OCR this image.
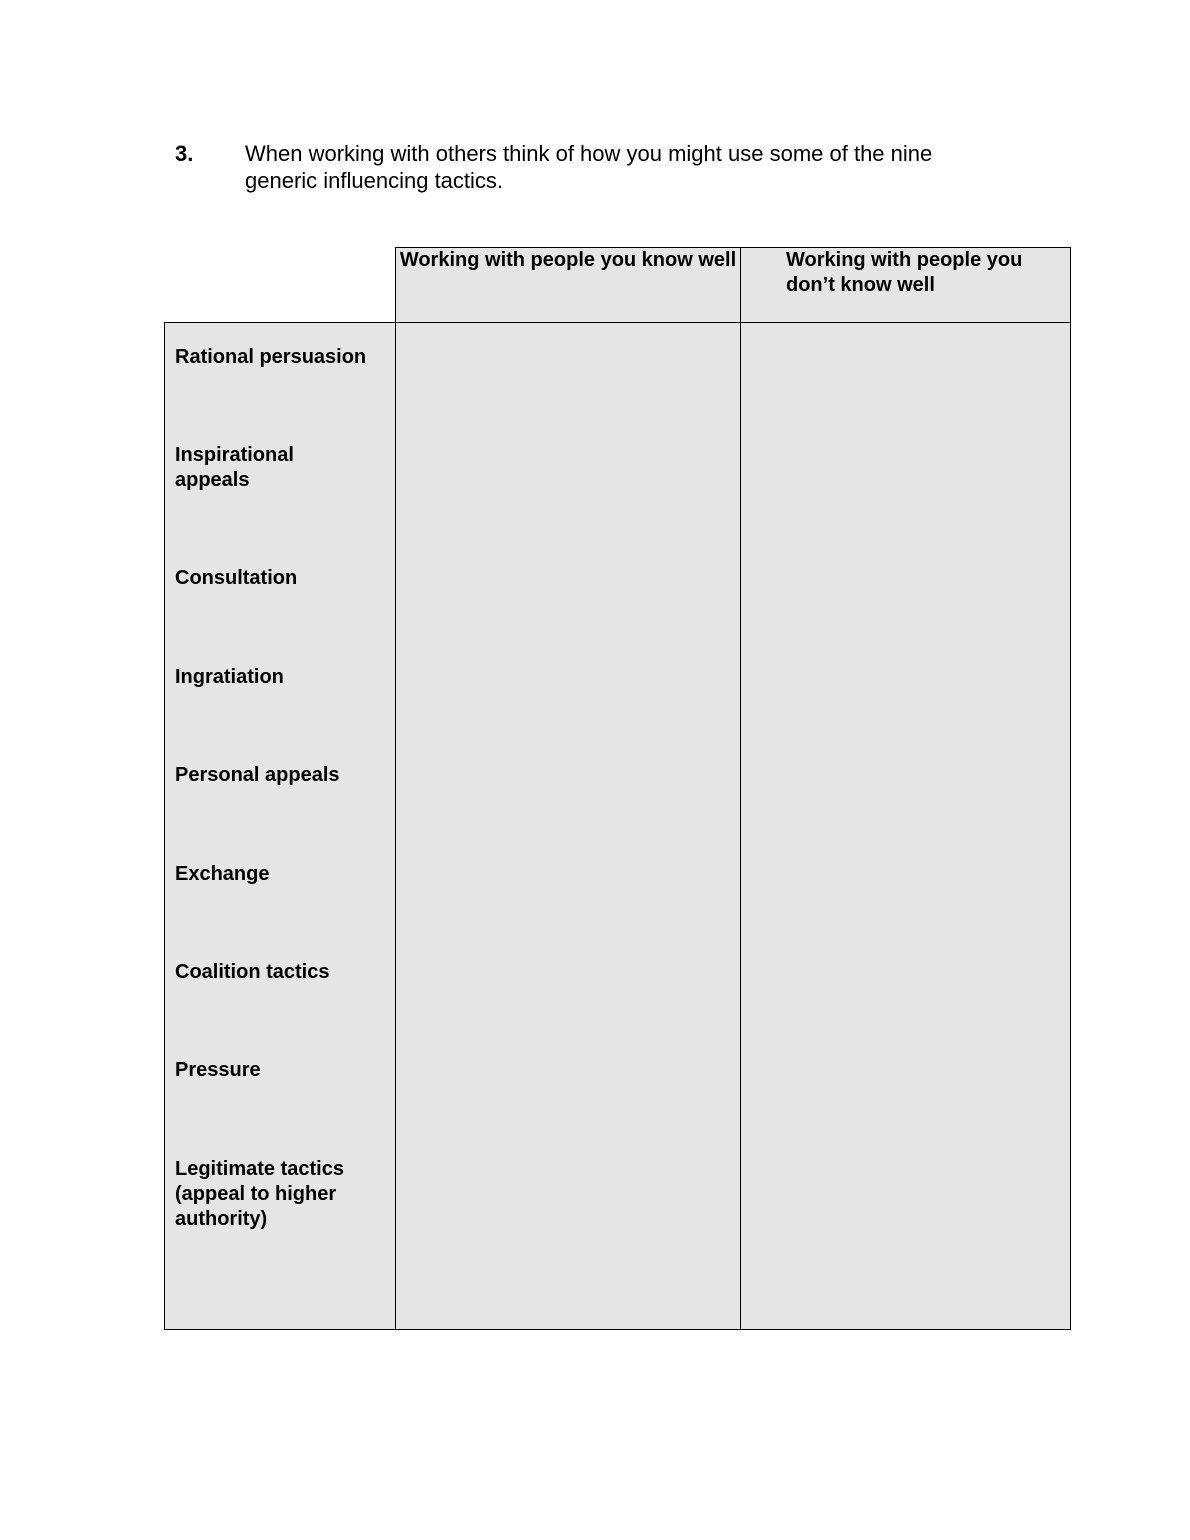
3. When working with others think of how you might use some of the nine generic influencing tactics.
Working with people you know well Working with people you don’t know well
Rational persuasion
Inspirational appeals
Consultation
Ingratiation
Personal appeals
Exchange
Coalition tactics
Pressure
Legitimate tactics (appeal to higher authority)
